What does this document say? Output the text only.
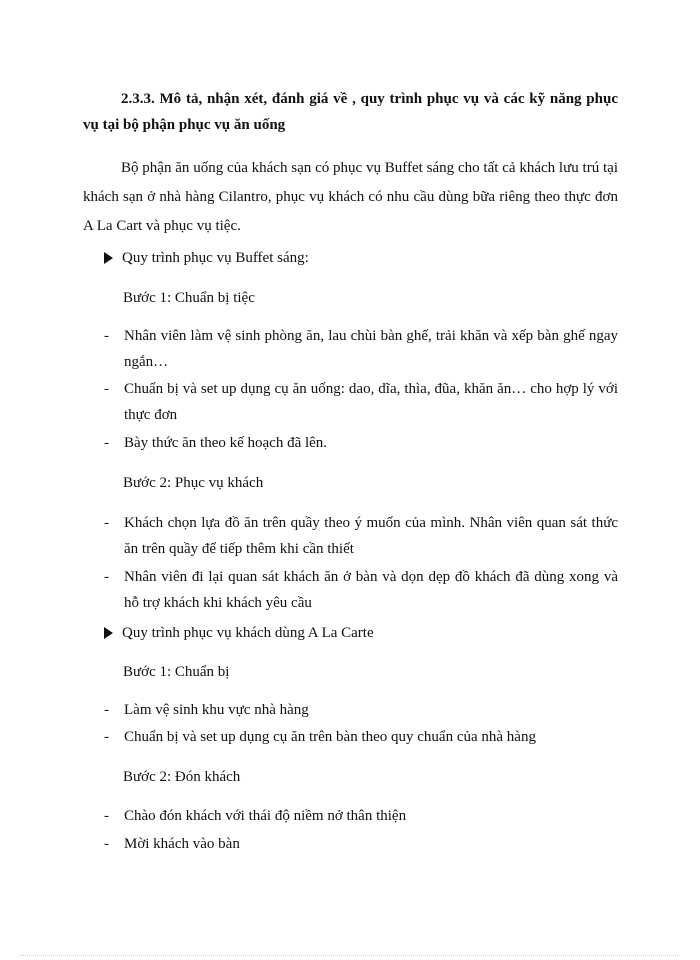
2.3.3. Mô tả, nhận xét, đánh giá về , quy trình phục vụ và các kỹ năng phục vụ tại bộ phận phục vụ ăn uống
Bộ phận ăn uống của khách sạn có phục vụ Buffet sáng cho tất cả khách lưu trú tại khách sạn ở nhà hàng Cilantro, phục vụ khách có nhu cầu dùng bữa riêng theo thực đơn A La Cart và phục vụ tiệc.
Quy trình phục vụ Buffet sáng:
Bước 1: Chuẩn bị tiệc
- Nhân viên làm vệ sinh phòng ăn, lau chùi bàn ghế, trải khăn và xếp bàn ghế ngay ngắn…
- Chuẩn bị và set up dụng cụ ăn uống: dao, dĩa, thìa, đũa, khăn ăn… cho hợp lý với thực đơn
- Bày thức ăn theo kế hoạch đã lên.
Bước 2: Phục vụ khách
- Khách chọn lựa đồ ăn trên quầy theo ý muốn của mình. Nhân viên quan sát thức ăn trên quầy để tiếp thêm khi cần thiết
- Nhân viên đi lại quan sát khách ăn ở bàn và dọn dẹp đồ khách đã dùng xong và hỗ trợ khách khi khách yêu cầu
Quy trình phục vụ khách dùng A La Carte
Bước 1: Chuẩn bị
- Làm vệ sinh khu vực nhà hàng
- Chuẩn bị và set up dụng cụ ăn trên bàn theo quy chuẩn của nhà hàng
Bước 2: Đón khách
- Chào đón khách với thái độ niềm nở thân thiện
- Mời khách vào bàn
